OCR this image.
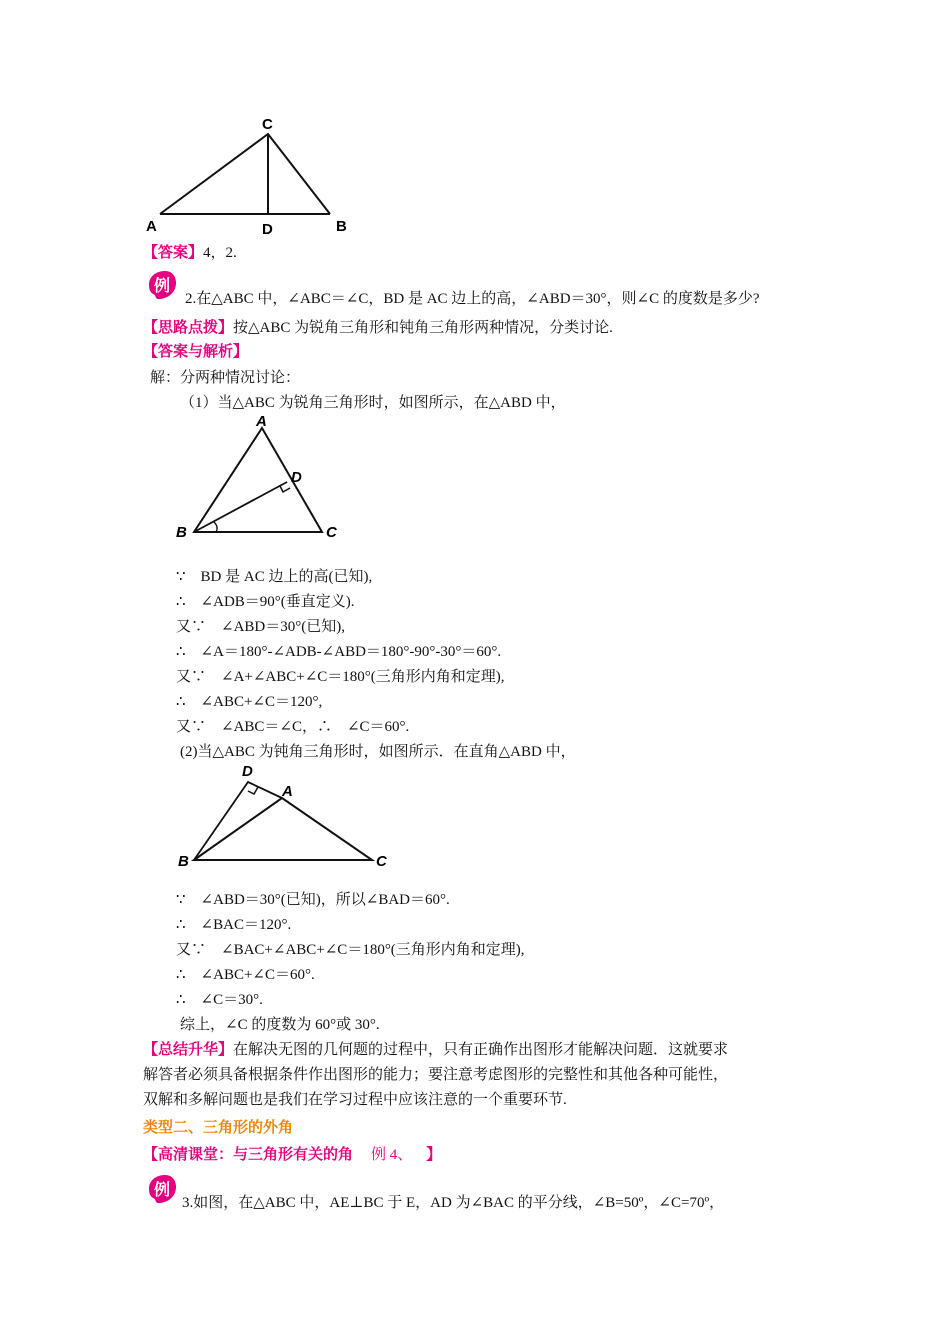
C
A	D	B
【答案】4，2.
例
2.在△ABC 中，∠ABC＝∠C，BD 是 AC 边上的高，∠ABD＝30°，则∠C 的度数是多少?
【思路点拨】按△ABC 为锐角三角形和钝角三角形两种情况，分类讨论.
【答案与解析】
解：分两种情况讨论：
（1）当△ABC 为锐角三角形时，如图所示，在△ABD 中，
A
D
B	C
∵　BD 是 AC 边上的高(已知),
∴　∠ADB＝90°(垂直定义).
又∵　∠ABD＝30°(已知),
∴　∠A＝180°-∠ADB-∠ABD＝180°-90°-30°＝60°.
又∵　∠A+∠ABC+∠C＝180°(三角形内角和定理),
∴　∠ABC+∠C＝120°,
又∵　∠ABC＝∠C，∴　∠C＝60°.
(2)当△ABC 为钝角三角形时，如图所示．在直角△ABD 中，
D
A
B	C
∵　∠ABD＝30°(已知)，所以∠BAD＝60°.
∴　∠BAC＝120°.
又∵　∠BAC+∠ABC+∠C＝180°(三角形内角和定理),
∴　∠ABC+∠C＝60°.
∴　∠C＝30°.
综上，∠C 的度数为 60°或 30°.
【总结升华】在解决无图的几何题的过程中，只有正确作出图形才能解决问题．这就要求
解答者必须具备根据条件作出图形的能力；要注意考虑图形的完整性和其他各种可能性，
双解和多解问题也是我们在学习过程中应该注意的一个重要环节.
类型二、三角形的外角
【高清课堂：与三角形有关的角 例 4、 】
例
3.如图，在△ABC 中，AE⊥BC 于 E，AD 为∠BAC 的平分线，∠B=50º，∠C=70º，
